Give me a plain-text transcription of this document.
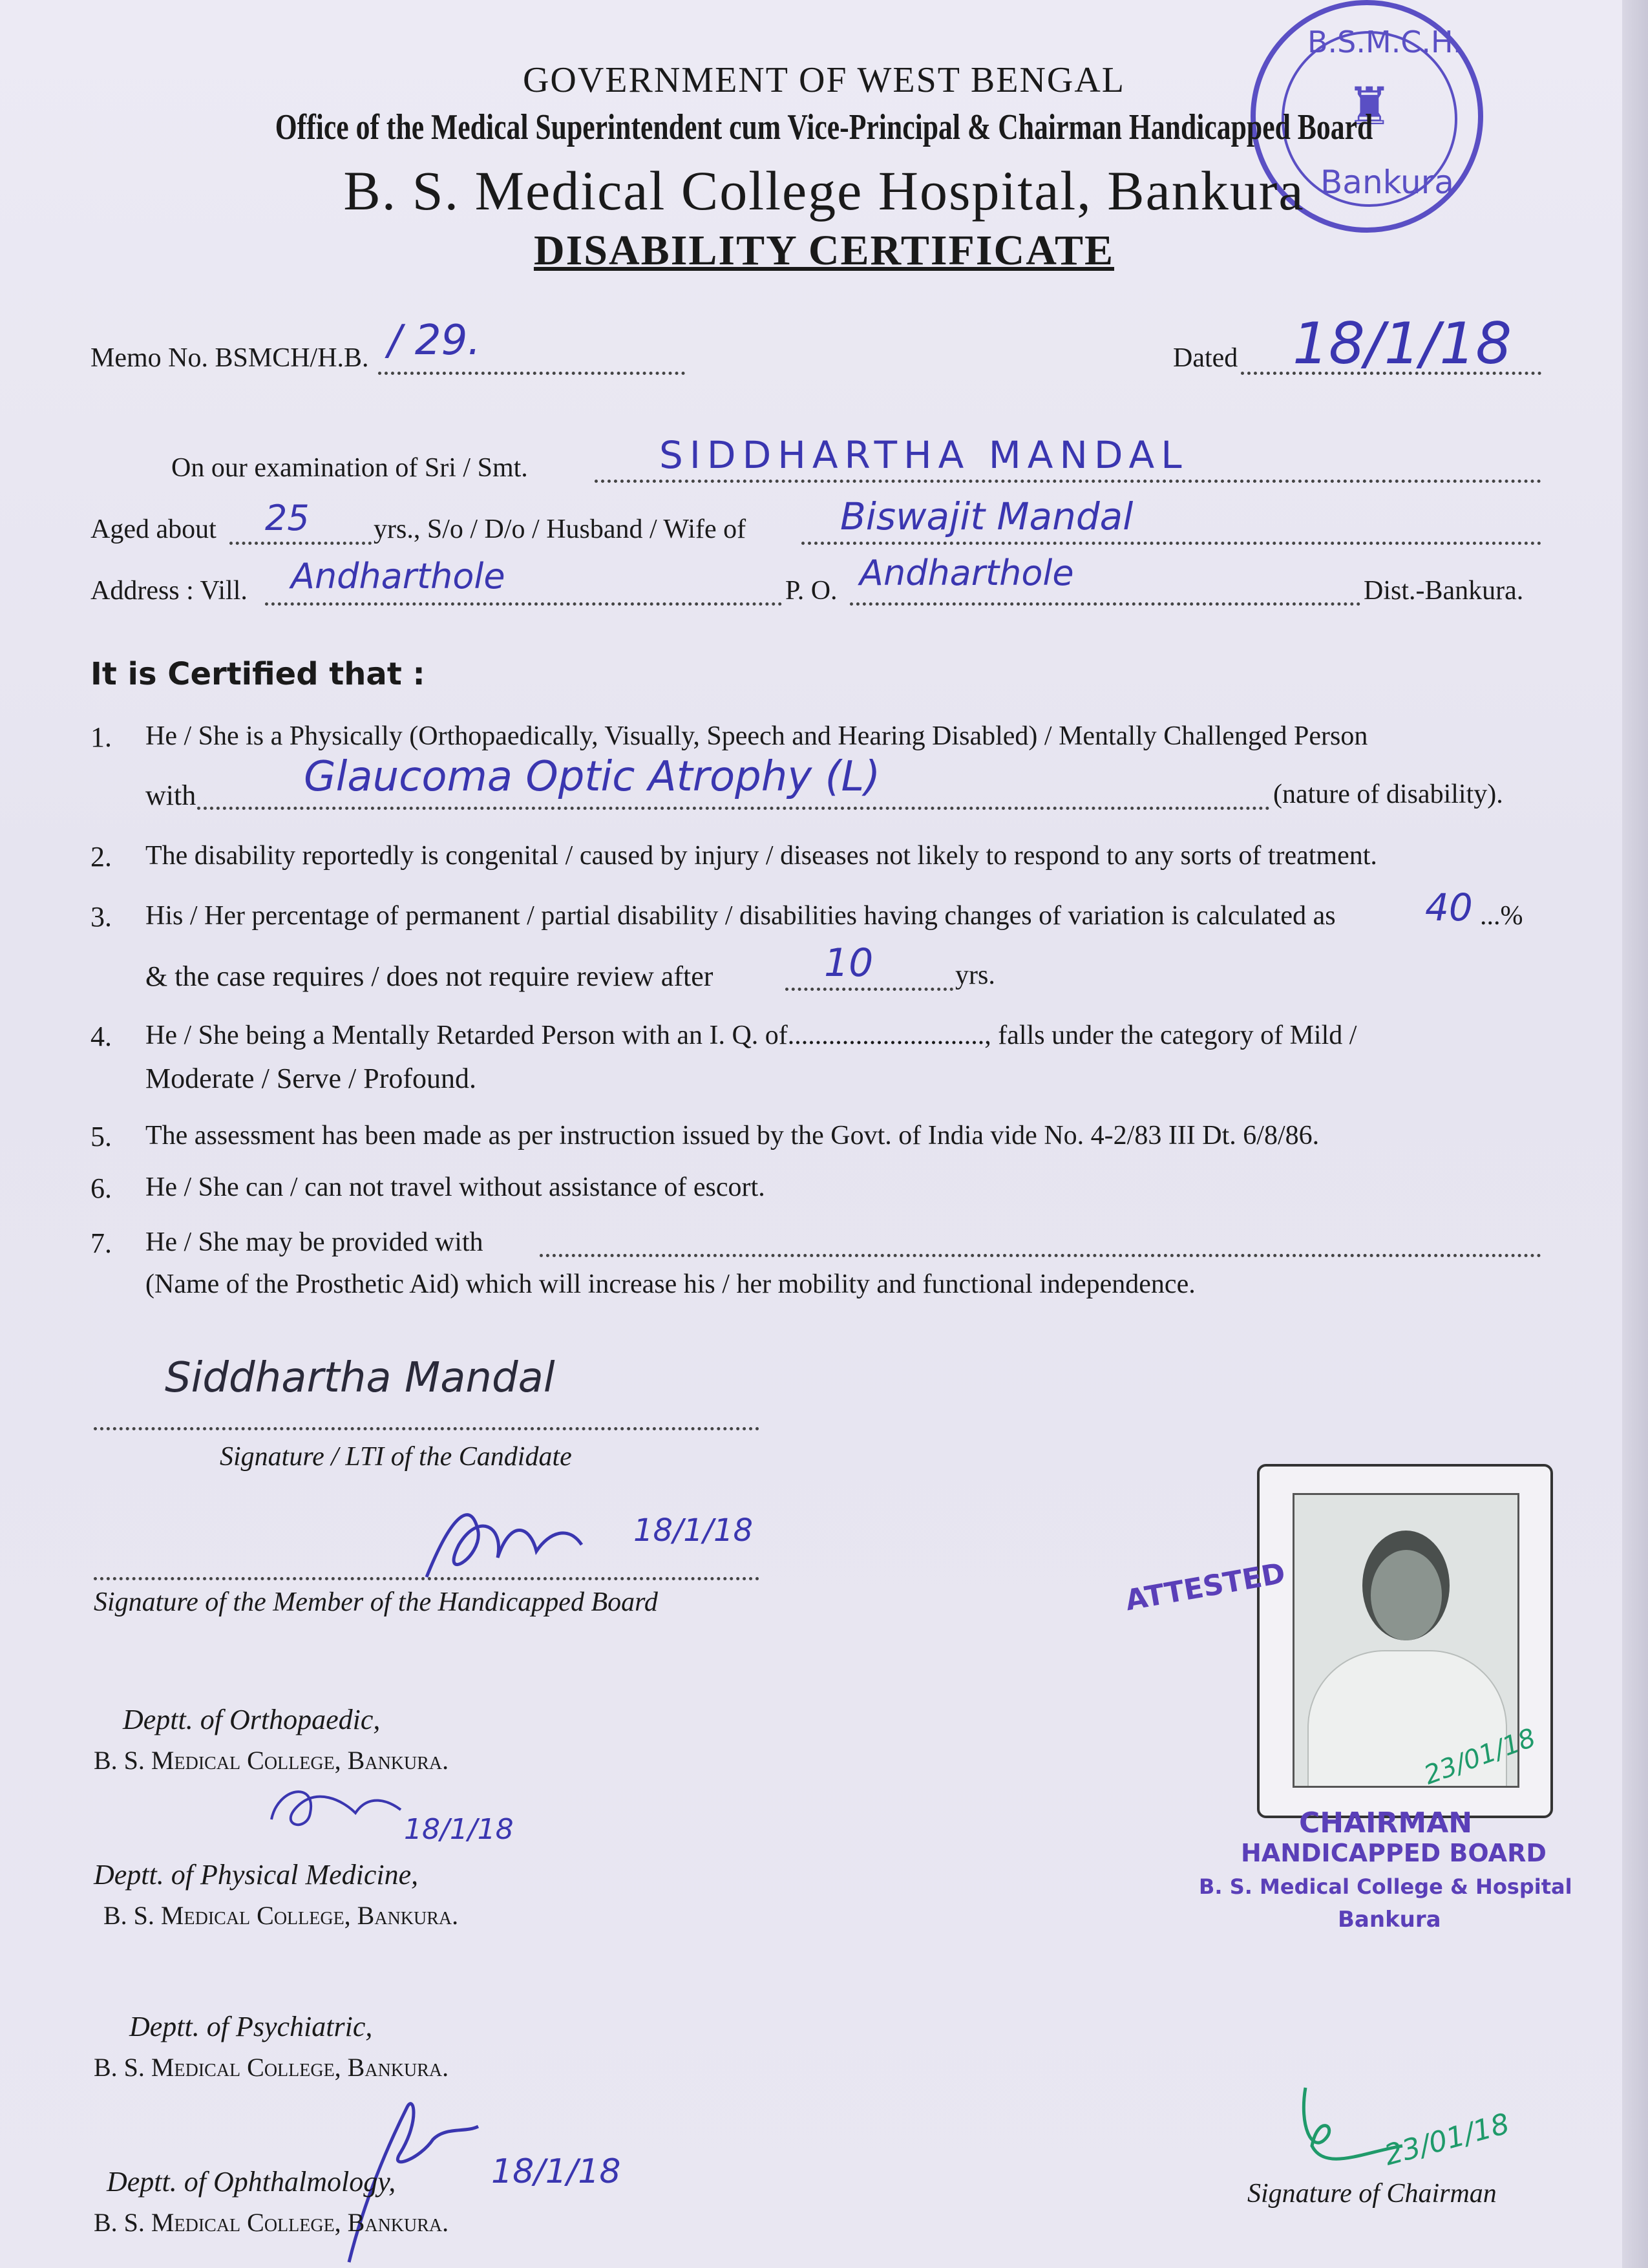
B.S.M.C.H.
♜
Bankura
GOVERNMENT OF WEST BENGAL
Office of the Medical Superintendent cum Vice-Principal & Chairman Handicapped Board
B. S. Medical College Hospital, Bankura
DISABILITY CERTIFICATE
Memo No. BSMCH/H.B. / 29.	Dated 18/1/18
On our examination of Sri / Smt.	SIDDHARTHA MANDAL
Aged about 25 yrs., S/o / D/o / Husband / Wife of	Biswajit Mandal
Address : Vill. Andharthole	P. O. Andharthole	Dist.-Bankura.
It is Certified that :
1. He / She is a Physically (Orthopaedically, Visually, Speech and Hearing Disabled) / Mentally Challenged Person
with	Glaucoma Optic Atrophy (L)	(nature of disability).
2. The disability reportedly is congenital / caused by injury / diseases not likely to respond to any sorts of treatment.
3. His / Her percentage of permanent / partial disability / disabilities having changes of variation is calculated as 40 ...%
& the case requires / does not require review after	10	yrs.
4. He / She being a Mentally Retarded Person with an I. Q. of............................., falls under the category of Mild /
Moderate / Serve / Profound.
5. The assessment has been made as per instruction issued by the Govt. of India vide No. 4-2/83 III Dt. 6/8/86.
6. He / She can / can not travel without assistance of escort.
7. He / She may be provided with
(Name of the Prosthetic Aid) which will increase his / her mobility and functional independence.
Siddhartha Mandal
Signature / LTI of the Candidate
18/1/18
Signature of the Member of the Handicapped Board
Deptt. of Orthopaedic,
B. S. Medical College, Bankura.
18/1/18
Deptt. of Physical Medicine,
B. S. Medical College, Bankura.
Deptt. of Psychiatric,
B. S. Medical College, Bankura.
18/1/18
Deptt. of Ophthalmology,
B. S. Medical College, Bankura.
23/01/18
ATTESTED
CHAIRMAN
HANDICAPPED BOARD
B. S. Medical College & Hospital
Bankura
23/01/18
Signature of Chairman
